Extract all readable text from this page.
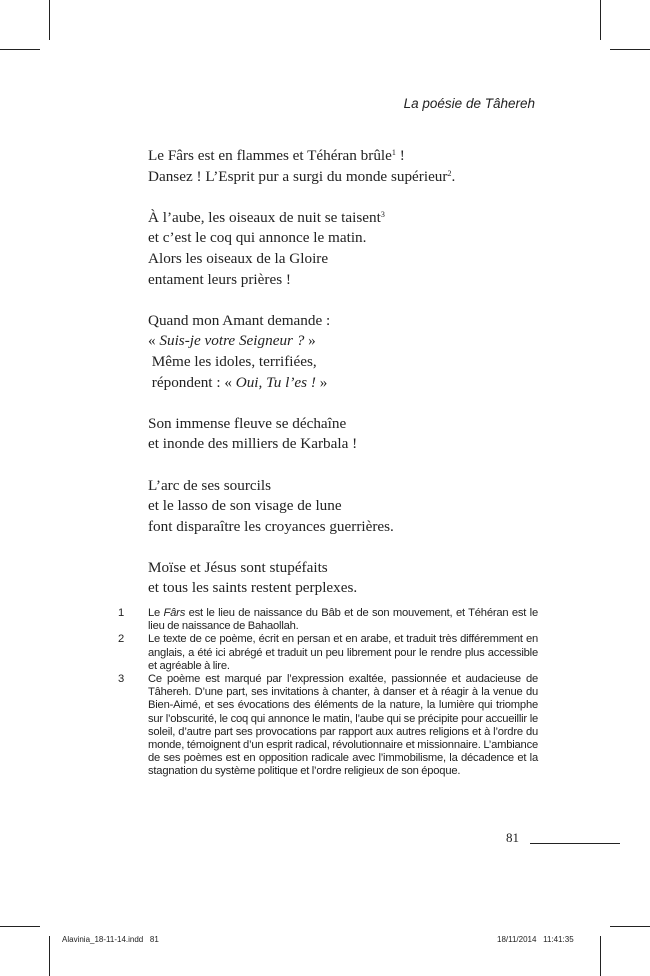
La poésie de Tâhereh
Le Fârs est en flammes et Téhéran brûle$^1$ !
Dansez ! L’Esprit pur a surgi du monde supérieur$^2$.
À l’aube, les oiseaux de nuit se taisent$^3$
et c’est le coq qui annonce le matin.
Alors les oiseaux de la Gloire
entament leurs prières !
Quand mon Amant demande :
« Suis-je votre Seigneur ? »
Même les idoles, terrifiées,
répondent : « Oui, Tu l’es ! »
Son immense fleuve se déchaîne
et inonde des milliers de Karbala !
L’arc de ses sourcils
et le lasso de son visage de lune
font disparaître les croyances guerrières.
Moïse et Jésus sont stupéfaits
et tous les saints restent perplexes.
1	Le Fârs est le lieu de naissance du Bâb et de son mouvement, et Téhéran est le lieu de naissance de Bahaollah.
2	Le texte de ce poème, écrit en persan et en arabe, et traduit très différemment en anglais, a été ici abrégé et traduit un peu librement pour le rendre plus accessible et agréable à lire.
3	Ce poème est marqué par l’expression exaltée, passionnée et audacieuse de Tâhereh. D’une part, ses invitations à chanter, à danser et à réagir à la venue du Bien-Aimé, et ses évocations des éléments de la nature, la lumière qui triomphe sur l’obscurité, le coq qui annonce le matin, l’aube qui se précipite pour accueillir le soleil, d’autre part ses provocations par rapport aux autres religions et à l’ordre du monde, témoignent d’un esprit radical, révolutionnaire et missionnaire. L’ambiance de ses poèmes est en opposition radicale avec l’immobilisme, la décadence et la stagnation du système politique et l’ordre religieux de son époque.
81
Alavinia_18-11-14.indd   81	18/11/2014   11:41:35
